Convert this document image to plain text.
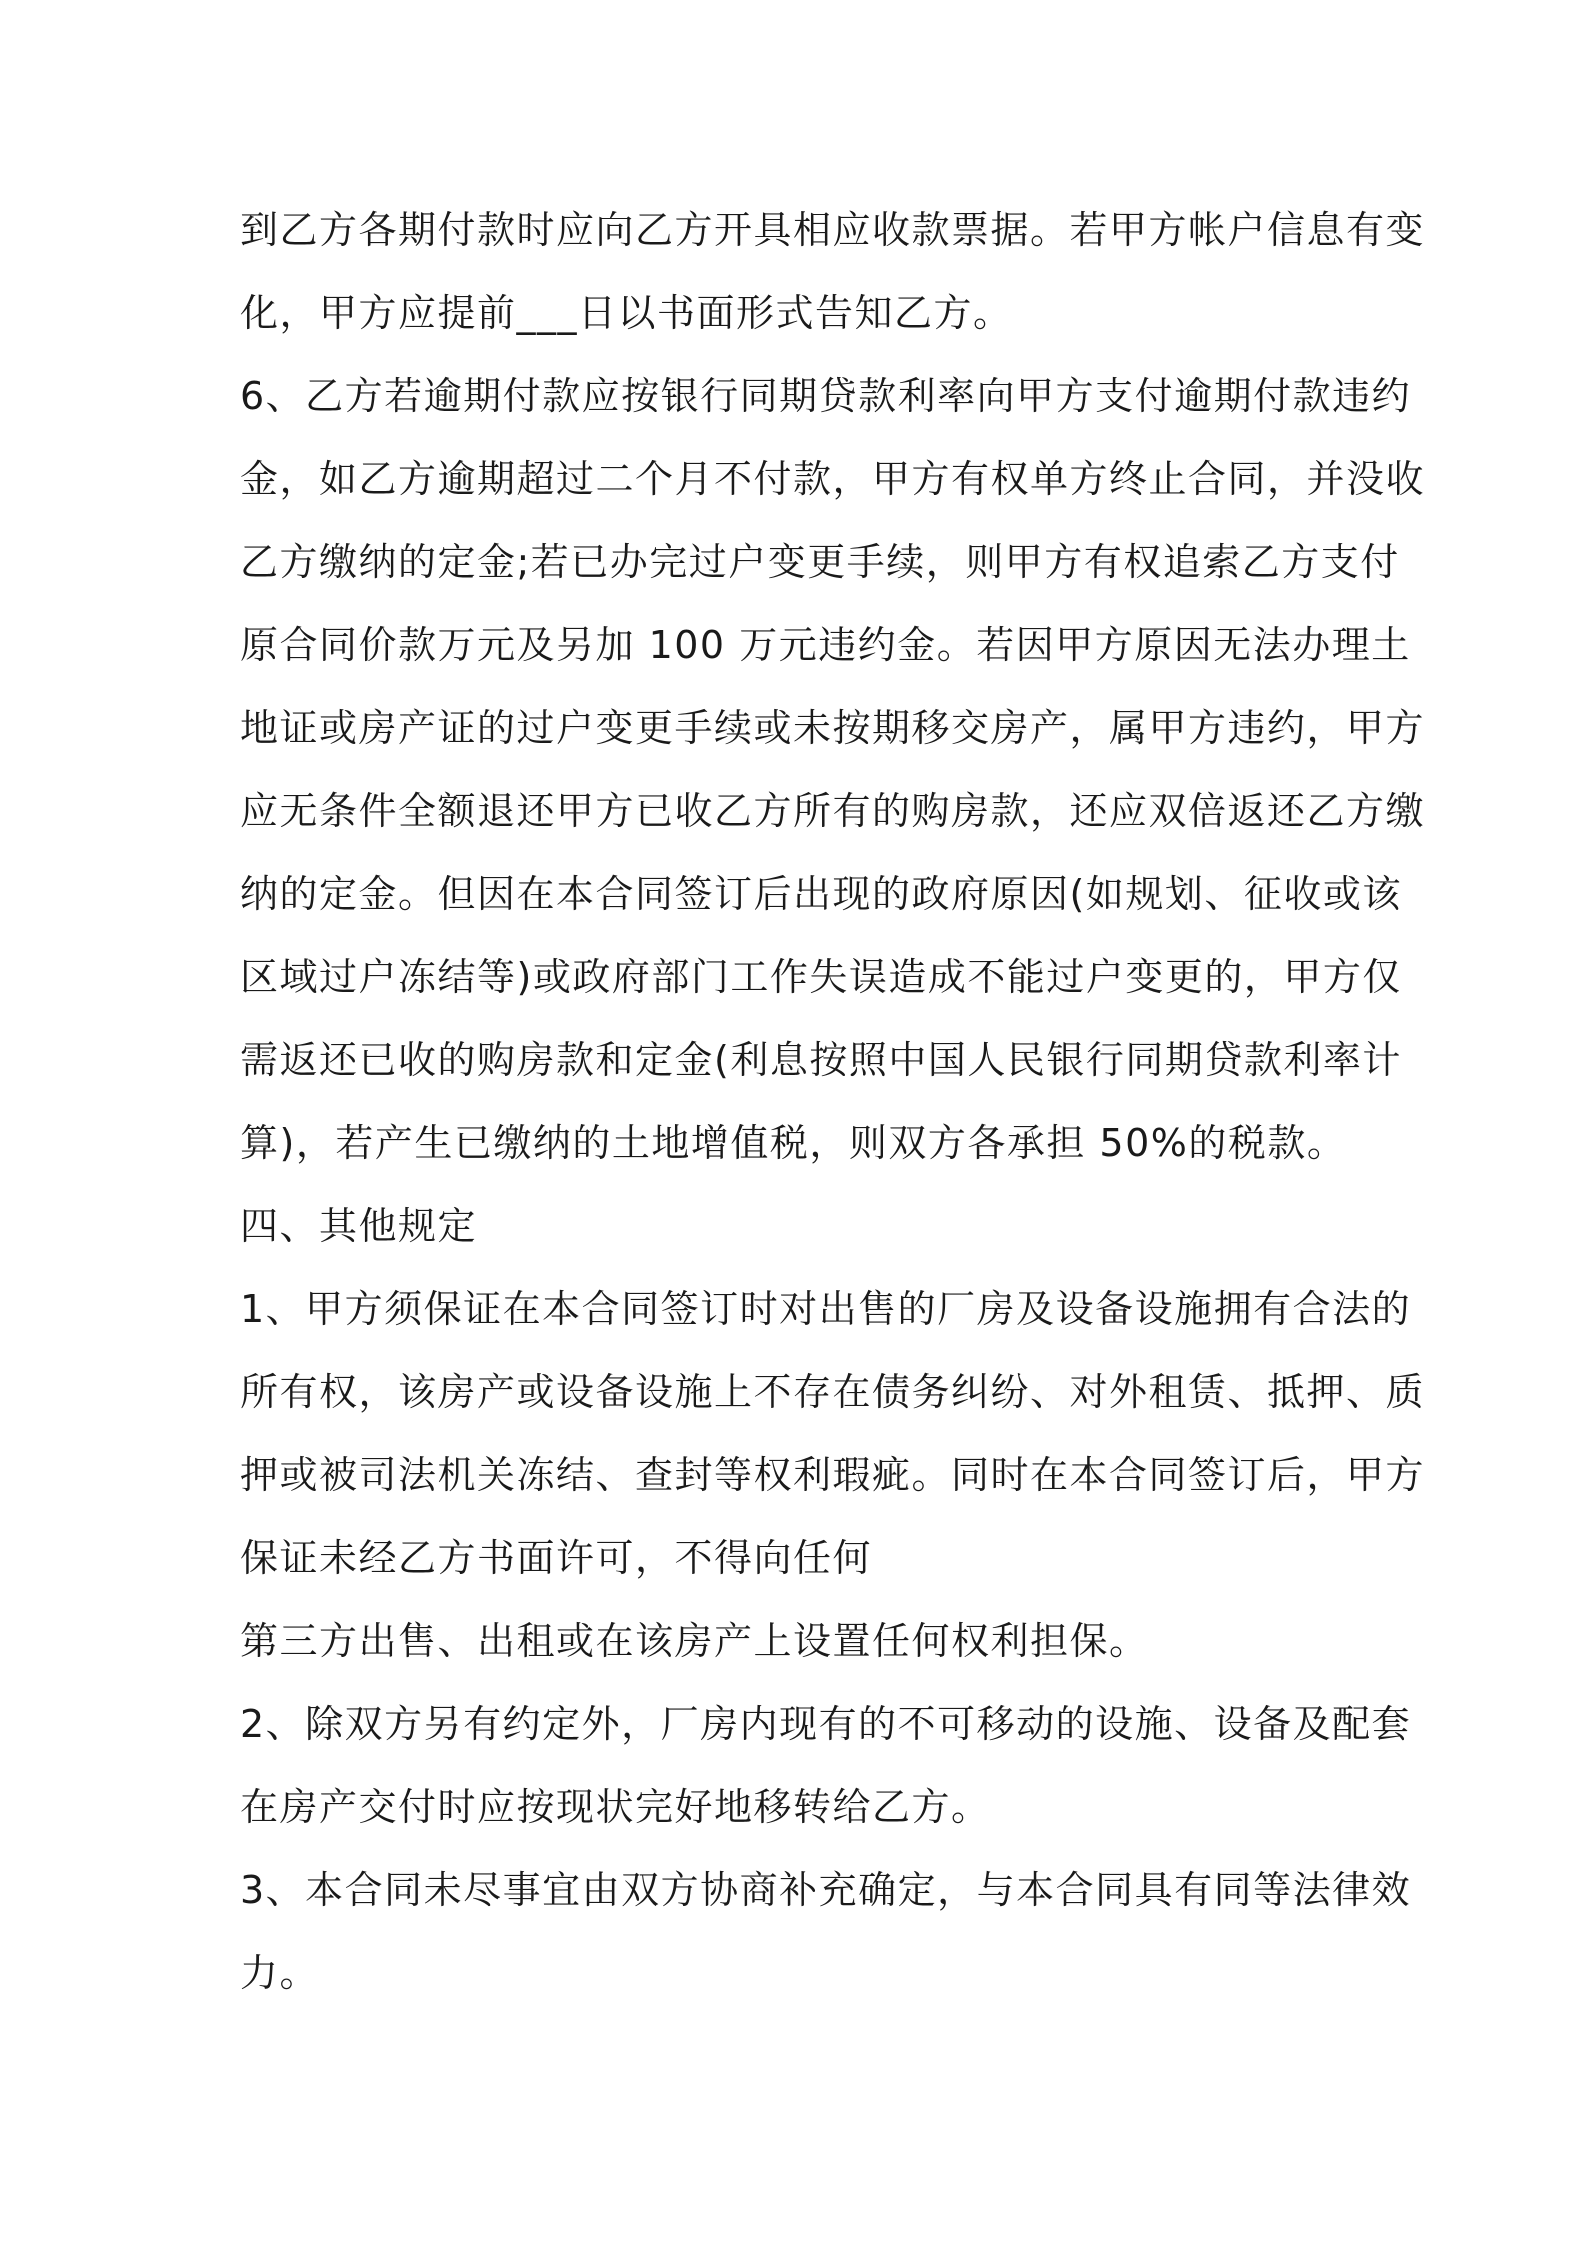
到乙方各期付款时应向乙方开具相应收款票据。若甲方帐户信息有变
化，甲方应提前___日以书面形式告知乙方。
6、乙方若逾期付款应按银行同期贷款利率向甲方支付逾期付款违约
金，如乙方逾期超过二个月不付款，甲方有权单方终止合同，并没收
乙方缴纳的定金;若已办完过户变更手续，则甲方有权追索乙方支付
原合同价款万元及另加 100 万元违约金。若因甲方原因无法办理土
地证或房产证的过户变更手续或未按期移交房产，属甲方违约，甲方
应无条件全额退还甲方已收乙方所有的购房款，还应双倍返还乙方缴
纳的定金。但因在本合同签订后出现的政府原因(如规划、征收或该
区域过户冻结等)或政府部门工作失误造成不能过户变更的，甲方仅
需返还已收的购房款和定金(利息按照中国人民银行同期贷款利率计
算)，若产生已缴纳的土地增值税，则双方各承担 50%的税款。
四、其他规定
1、甲方须保证在本合同签订时对出售的厂房及设备设施拥有合法的
所有权，该房产或设备设施上不存在债务纠纷、对外租赁、抵押、质
押或被司法机关冻结、查封等权利瑕疵。同时在本合同签订后，甲方
保证未经乙方书面许可，不得向任何
第三方出售、出租或在该房产上设置任何权利担保。
2、除双方另有约定外，厂房内现有的不可移动的设施、设备及配套
在房产交付时应按现状完好地移转给乙方。
3、本合同未尽事宜由双方协商补充确定，与本合同具有同等法律效
力。
